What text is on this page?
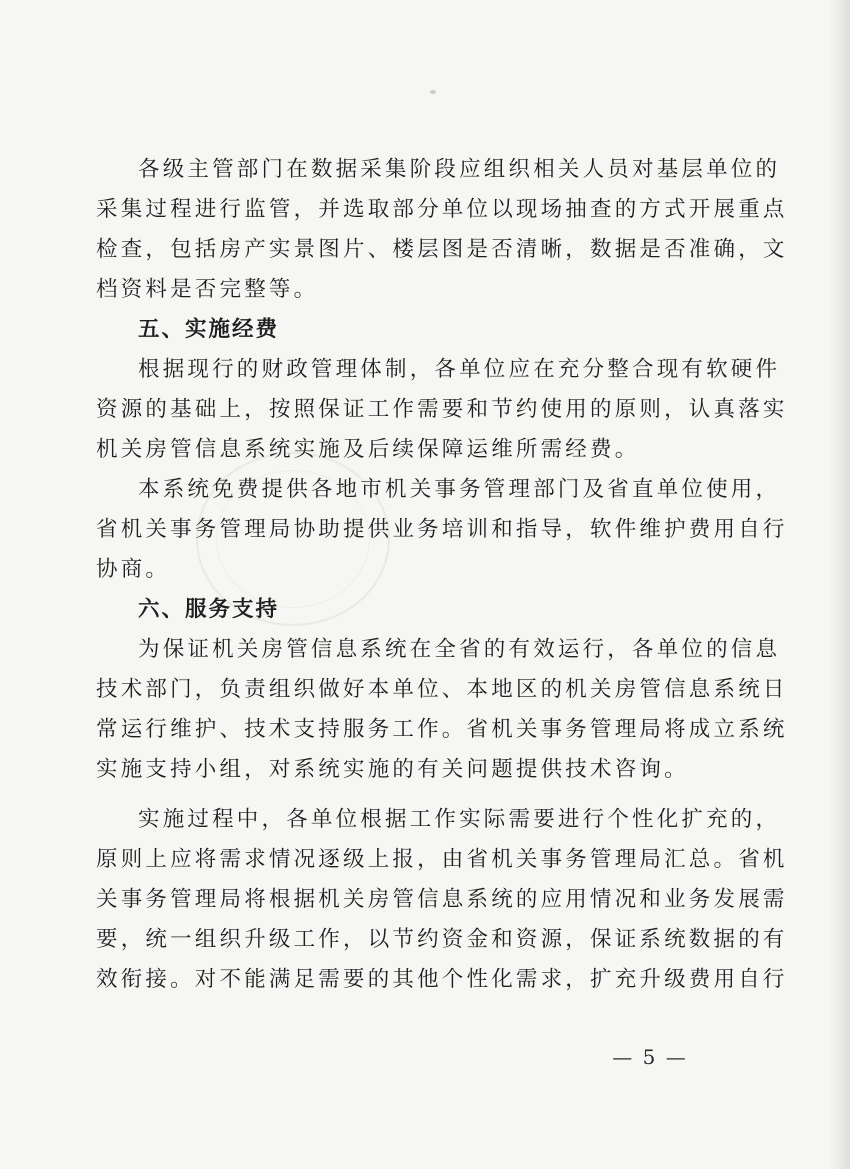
各级主管部门在数据采集阶段应组织相关人员对基层单位的
采集过程进行监管，并选取部分单位以现场抽查的方式开展重点
检查，包括房产实景图片、楼层图是否清晰，数据是否准确，文
档资料是否完整等。
五、实施经费
根据现行的财政管理体制，各单位应在充分整合现有软硬件
资源的基础上，按照保证工作需要和节约使用的原则，认真落实
机关房管信息系统实施及后续保障运维所需经费。
本系统免费提供各地市机关事务管理部门及省直单位使用，
省机关事务管理局协助提供业务培训和指导，软件维护费用自行
协商。
六、服务支持
为保证机关房管信息系统在全省的有效运行，各单位的信息
技术部门，负责组织做好本单位、本地区的机关房管信息系统日
常运行维护、技术支持服务工作。省机关事务管理局将成立系统
实施支持小组，对系统实施的有关问题提供技术咨询。
实施过程中，各单位根据工作实际需要进行个性化扩充的，
原则上应将需求情况逐级上报，由省机关事务管理局汇总。省机
关事务管理局将根据机关房管信息系统的应用情况和业务发展需
要，统一组织升级工作，以节约资金和资源，保证系统数据的有
效衔接。对不能满足需要的其他个性化需求，扩充升级费用自行
— 5 —
